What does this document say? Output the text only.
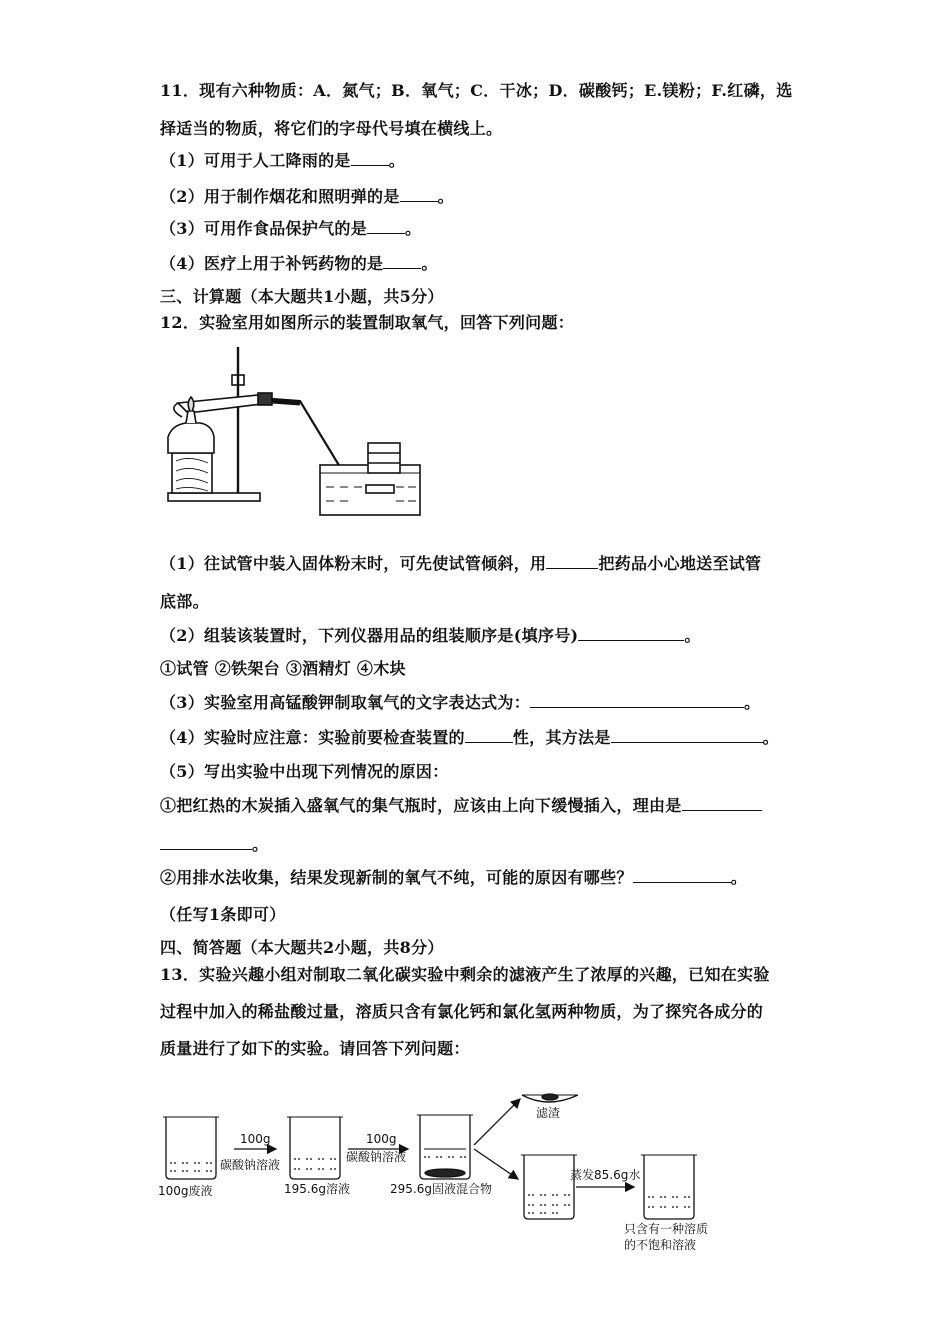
11．现有六种物质：A．氮气；B．氧气；C．干冰；D．碳酸钙；E.镁粉；F.红磷，选
择适当的物质，将它们的字母代号填在横线上。
（1）可用于人工降雨的是 。
（2）用于制作烟花和照明弹的是 。
（3）可用作食品保护气的是 。
（4）医疗上用于补钙药物的是 。
三、计算题（本大题共1小题，共5分）
12．实验室用如图所示的装置制取氧气，回答下列问题：
（1）往试管中装入固体粉末时，可先使试管倾斜，用	把药品小心地送至试管
底部。
（2）组装该装置时，下列仪器用品的组装顺序是(填序号)	。
①试管 ②铁架台 ③酒精灯 ④木块
（3）实验室用高锰酸钾制取氧气的文字表达式为：	。
（4）实验时应注意：实验前要检查装置的	性，其方法是	。
（5）写出实验中出现下列情况的原因：
①把红热的木炭插入盛氧气的集气瓶时，应该由上向下缓慢插入，理由是
。
②用排水法收集，结果发现新制的氧气不纯，可能的原因有哪些？	。
（任写1条即可）
四、简答题（本大题共2小题，共8分）
13．实验兴趣小组对制取二氧化碳实验中剩余的滤液产生了浓厚的兴趣，已知在实验
过程中加入的稀盐酸过量，溶质只含有氯化钙和氯化氢两种物质，为了探究各成分的
质量进行了如下的实验。请回答下列问题：
100g
碳酸钠溶液
100g
碳酸钠溶液
100g废液	195.6g溶液	295.6g固液混合物
滤渣
蒸发85.6g水
只含有一种溶质
的不饱和溶液
